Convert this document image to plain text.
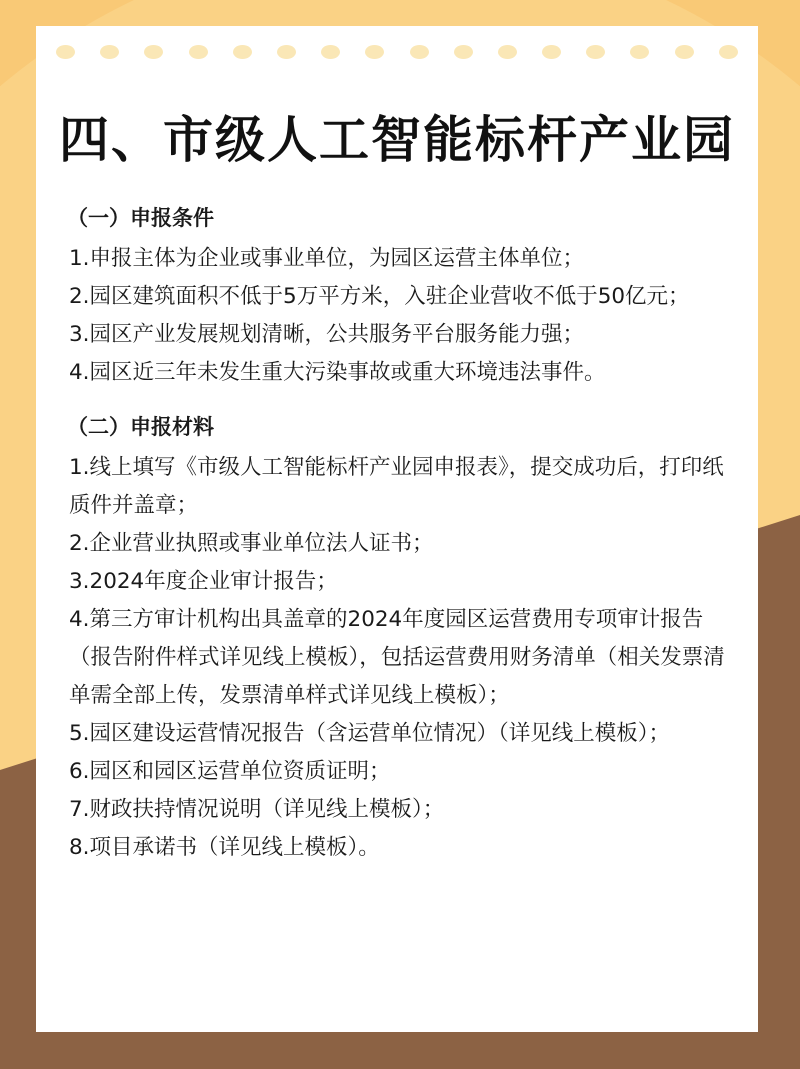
四、市级人工智能标杆产业园
（一）申报条件
1.申报主体为企业或事业单位，为园区运营主体单位；
2.园区建筑面积不低于5万平方米，入驻企业营收不低于50亿元；
3.园区产业发展规划清晰，公共服务平台服务能力强；
4.园区近三年未发生重大污染事故或重大环境违法事件。
（二）申报材料
1.线上填写《市级人工智能标杆产业园申报表》，提交成功后，打印纸质件并盖章；
2.企业营业执照或事业单位法人证书；
3.2024年度企业审计报告；
4.第三方审计机构出具盖章的2024年度园区运营费用专项审计报告（报告附件样式详见线上模板），包括运营费用财务清单（相关发票清单需全部上传，发票清单样式详见线上模板）；
5.园区建设运营情况报告（含运营单位情况）（详见线上模板）；
6.园区和园区运营单位资质证明；
7.财政扶持情况说明（详见线上模板）；
8.项目承诺书（详见线上模板）。
